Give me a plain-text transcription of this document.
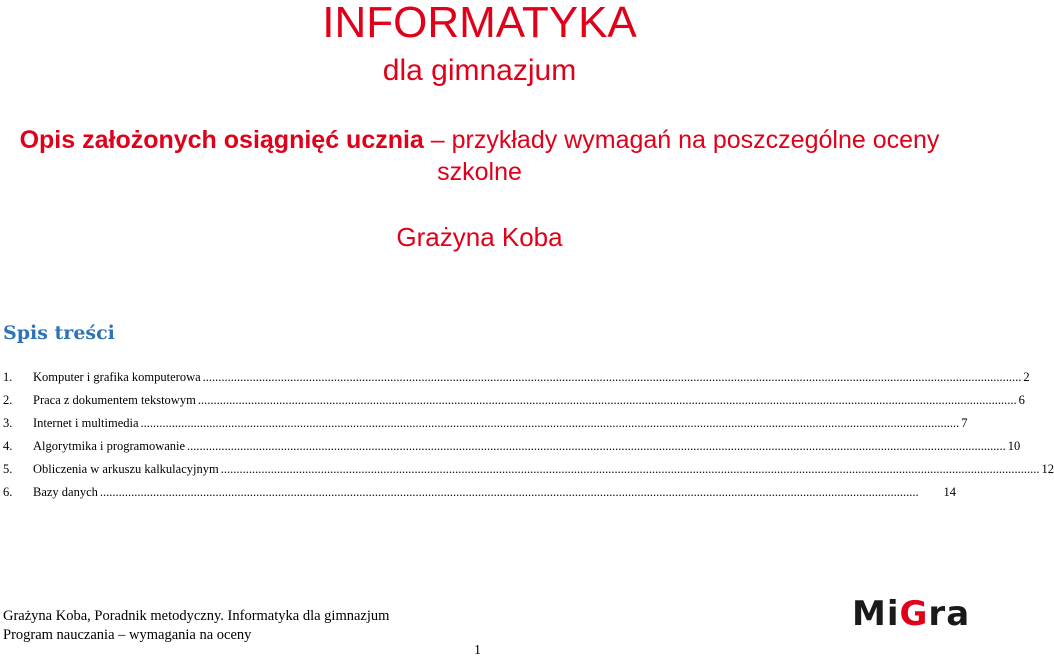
INFORMATYKA
dla gimnazjum
Opis założonych osiągnięć ucznia – przykłady wymagań na poszczególne oceny szkolne
Grażyna Koba
Spis treści
1.	Komputer i grafika komputerowa .....	2
2.	Praca z dokumentem tekstowym .....	6
3.	Internet i multimedia .....	7
4.	Algorytmika i programowanie .....	10
5.	Obliczenia w arkuszu kalkulacyjnym .....	12
6.	Bazy danych .....	14
Grażyna Koba, Poradnik metodyczny. Informatyka dla gimnazjum
Program nauczania – wymagania na oceny
1
MiGra
